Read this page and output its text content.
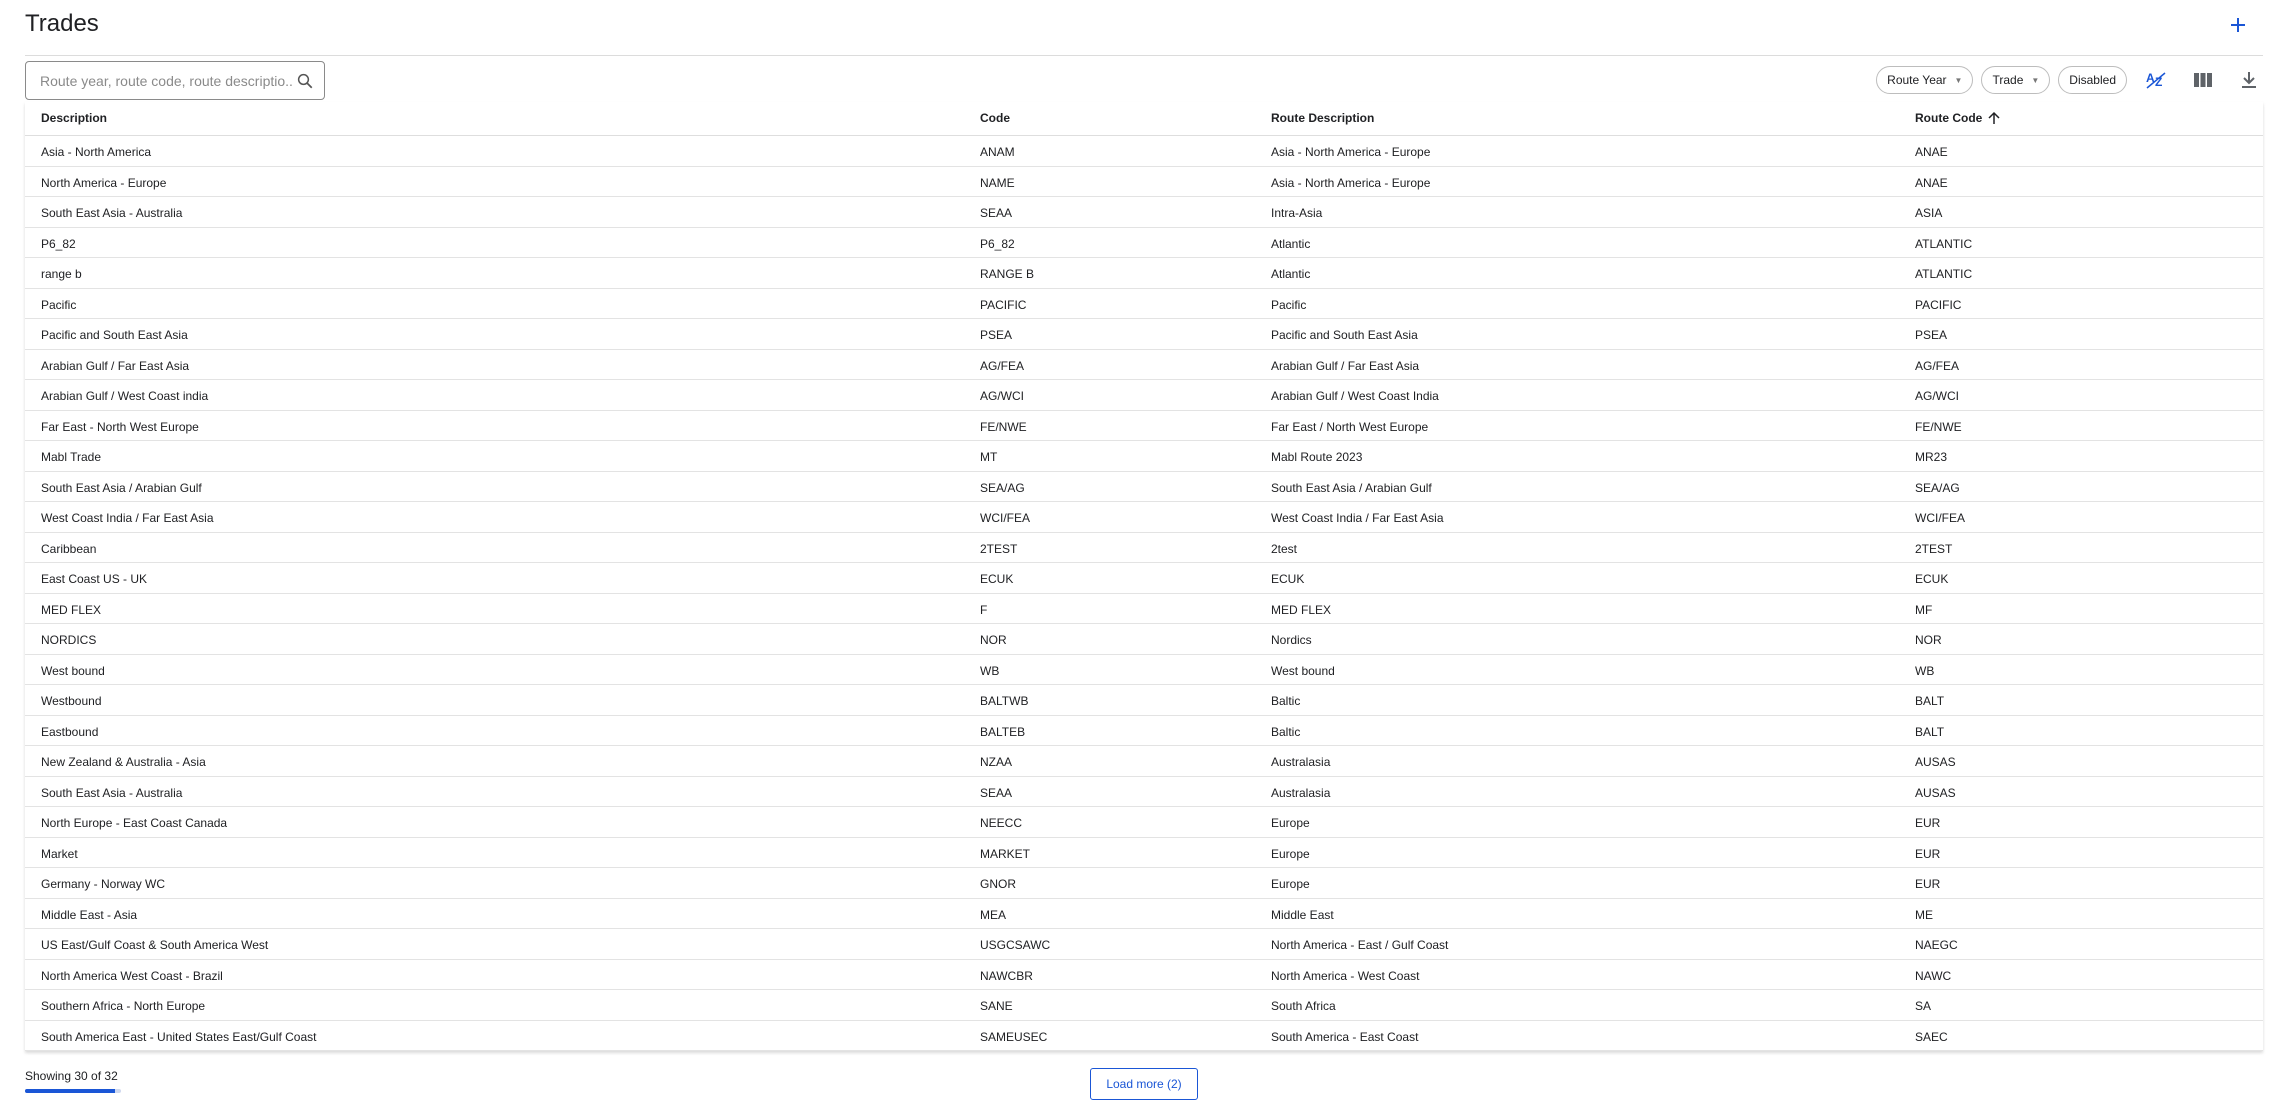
Trades
Route year, route code, route descriptio...
Route Year ▼	Trade ▼	Disabled	A Z
Description	Code	Route Description	Route Code
Asia - North America	ANAM	Asia - North America - Europe	ANAE
North America - Europe	NAME	Asia - North America - Europe	ANAE
South East Asia - Australia	SEAA	Intra-Asia	ASIA
P6_82	P6_82	Atlantic	ATLANTIC
range b	RANGE B	Atlantic	ATLANTIC
Pacific	PACIFIC	Pacific	PACIFIC
Pacific and South East Asia	PSEA	Pacific and South East Asia	PSEA
Arabian Gulf / Far East Asia	AG/FEA	Arabian Gulf / Far East Asia	AG/FEA
Arabian Gulf / West Coast india	AG/WCI	Arabian Gulf / West Coast India	AG/WCI
Far East - North West Europe	FE/NWE	Far East / North West Europe	FE/NWE
Mabl Trade	MT	Mabl Route 2023	MR23
South East Asia / Arabian Gulf	SEA/AG	South East Asia / Arabian Gulf	SEA/AG
West Coast India / Far East Asia	WCI/FEA	West Coast India / Far East Asia	WCI/FEA
Caribbean	2TEST	2test	2TEST
East Coast US - UK	ECUK	ECUK	ECUK
MED FLEX	F	MED FLEX	MF
NORDICS	NOR	Nordics	NOR
West bound	WB	West bound	WB
Westbound	BALTWB	Baltic	BALT
Eastbound	BALTEB	Baltic	BALT
New Zealand & Australia - Asia	NZAA	Australasia	AUSAS
South East Asia - Australia	SEAA	Australasia	AUSAS
North Europe - East Coast Canada	NEECC	Europe	EUR
Market	MARKET	Europe	EUR
Germany - Norway WC	GNOR	Europe	EUR
Middle East - Asia	MEA	Middle East	ME
US East/Gulf Coast & South America West	USGCSAWC	North America - East / Gulf Coast	NAEGC
North America West Coast - Brazil	NAWCBR	North America - West Coast	NAWC
Southern Africa - North Europe	SANE	South Africa	SA
South America East - United States East/Gulf Coast	SAMEUSEC	South America - East Coast	SAEC
Showing 30 of 32
Load more (2)
